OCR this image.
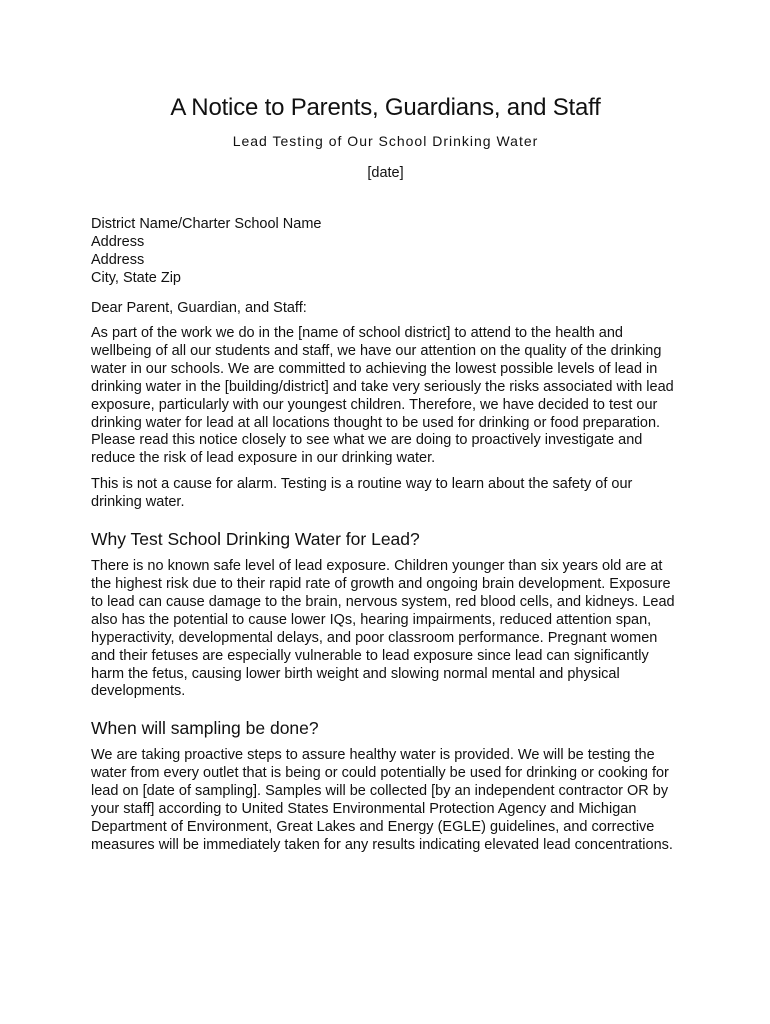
A Notice to Parents, Guardians, and Staff
Lead Testing of Our School Drinking Water
[date]
District Name/Charter School Name
Address
Address
City, State Zip
Dear Parent, Guardian, and Staff:

As part of the work we do in the [name of school district] to attend to the health and wellbeing of all our students and staff, we have our attention on the quality of the drinking water in our schools. We are committed to achieving the lowest possible levels of lead in drinking water in the [building/district] and take very seriously the risks associated with lead exposure, particularly with our youngest children. Therefore, we have decided to test our drinking water for lead at all locations thought to be used for drinking or food preparation. Please read this notice closely to see what we are doing to proactively investigate and reduce the risk of lead exposure in our drinking water.

This is not a cause for alarm. Testing is a routine way to learn about the safety of our drinking water.

Why Test School Drinking Water for Lead?

There is no known safe level of lead exposure. Children younger than six years old are at the highest risk due to their rapid rate of growth and ongoing brain development. Exposure to lead can cause damage to the brain, nervous system, red blood cells, and kidneys. Lead also has the potential to cause lower IQs, hearing impairments, reduced attention span, hyperactivity, developmental delays, and poor classroom performance. Pregnant women and their fetuses are especially vulnerable to lead exposure since lead can significantly harm the fetus, causing lower birth weight and slowing normal mental and physical developments.

When will sampling be done?

We are taking proactive steps to assure healthy water is provided. We will be testing the water from every outlet that is being or could potentially be used for drinking or cooking for lead on [date of sampling]. Samples will be collected [by an independent contractor OR by your staff] according to United States Environmental Protection Agency and Michigan Department of Environment, Great Lakes and Energy (EGLE) guidelines, and corrective measures will be immediately taken for any results indicating elevated lead concentrations.
